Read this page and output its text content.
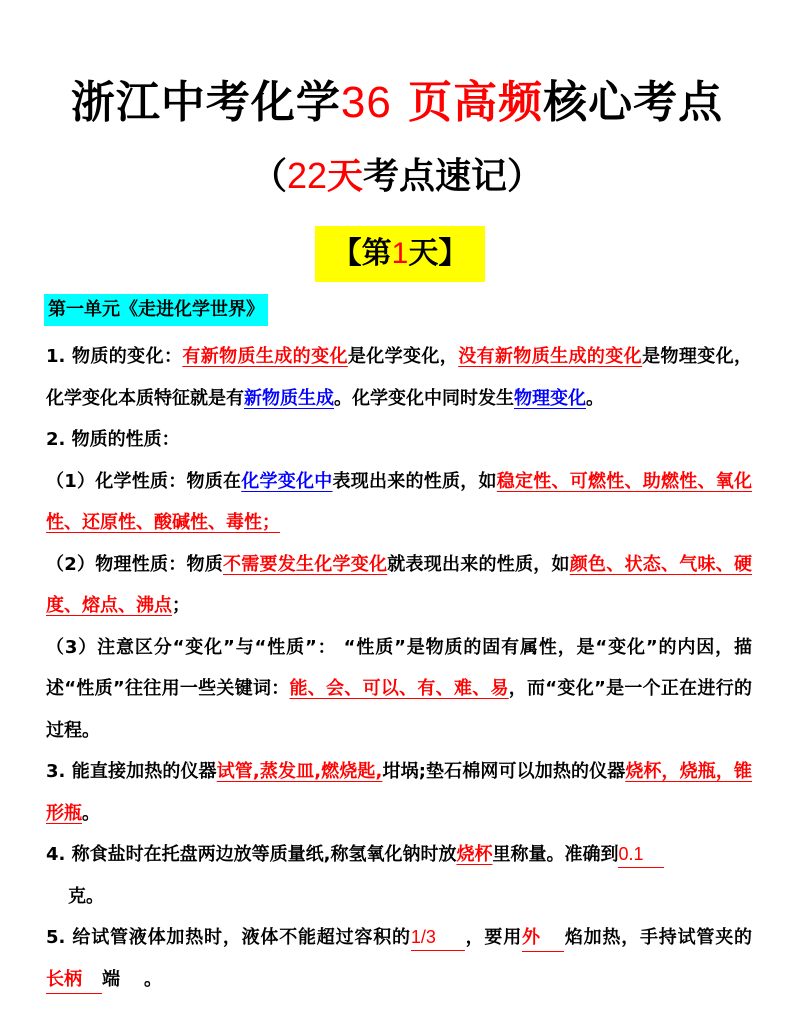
浙江中考化学36 页高频核心考点
（22天考点速记）
【第1天】
第一单元《走进化学世界》

1. 物质的变化：有新物质生成的变化是化学变化，没有新物质生成的变化是物理变化，化学变化本质特征就是有新物质生成。化学变化中同时发生物理变化。

2. 物质的性质：

（1）化学性质：物质在化学变化中表现出来的性质，如稳定性、可燃性、助燃性、氧化性、还原性、酸碱性、毒性；

（2）物理性质：物质不需要发生化学变化就表现出来的性质，如颜色、状态、气味、硬度、熔点、沸点；

（3）注意区分“变化”与“性质”： “性质”是物质的固有属性，是“变化”的内因，描述“性质”往往用一些关键词：能、会、可以、有、难、易，而“变化”是一个正在进行的过程。

3. 能直接加热的仪器试管,蒸发皿,燃烧匙,坩埚;垫石棉网可以加热的仪器烧杯，烧瓶，锥形瓶。

4. 称食盐时在托盘两边放等质量纸,称氢氧化钠时放烧杯里称量。准确到0.1
克。

5. 给试管液体加热时，液体不能超过容积的1/3 ，要用外 焰加热，手持试管夹的长柄 端 。
